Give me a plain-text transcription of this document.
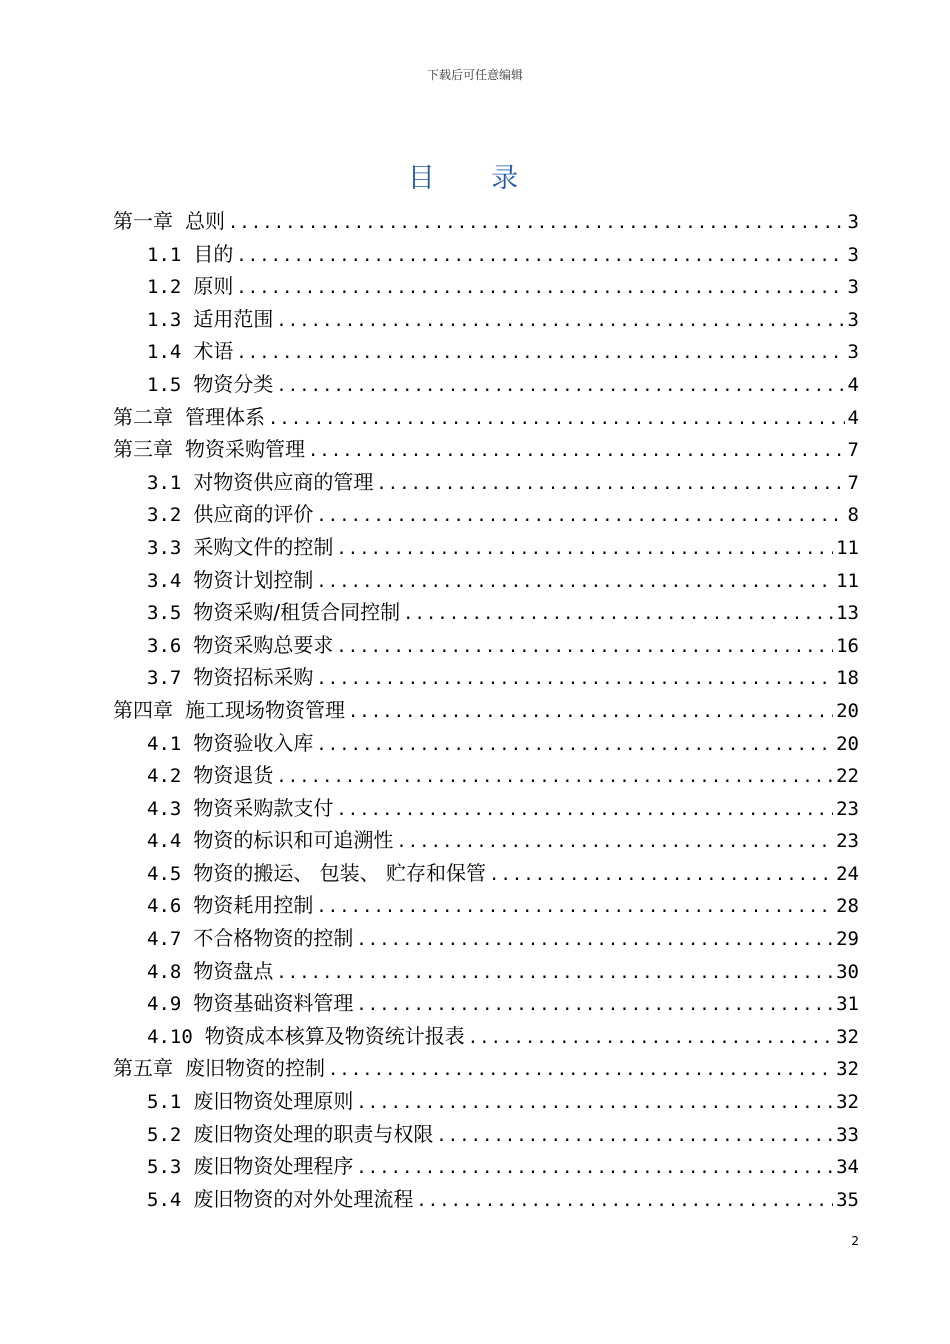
下载后可任意编辑
目 录
第一章 总则 .....	3
1.1 目的 .....	3
1.2 原则 .....	3
1.3 适用范围 .....	3
1.4 术语 .....	3
1.5 物资分类 .....	4
第二章 管理体系 .....	4
第三章 物资采购管理 .....	7
3.1 对物资供应商的管理 .....	7
3.2 供应商的评价 .....	8
3.3 采购文件的控制 .....	11
3.4 物资计划控制 .....	11
3.5 物资采购/租赁合同控制 .....	13
3.6 物资采购总要求 .....	16
3.7 物资招标采购 .....	18
第四章 施工现场物资管理 .....	20
4.1 物资验收入库 .....	20
4.2 物资退货 .....	22
4.3 物资采购款支付 .....	23
4.4 物资的标识和可追溯性 .....	23
4.5 物资的搬运、 包装、 贮存和保管 .....	24
4.6 物资耗用控制 .....	28
4.7 不合格物资的控制 .....	29
4.8 物资盘点 .....	30
4.9 物资基础资料管理 .....	31
4.10 物资成本核算及物资统计报表 .....	32
第五章 废旧物资的控制 .....	32
5.1 废旧物资处理原则 .....	32
5.2 废旧物资处理的职责与权限 .....	33
5.3 废旧物资处理程序 .....	34
5.4 废旧物资的对外处理流程 .....	35
2
